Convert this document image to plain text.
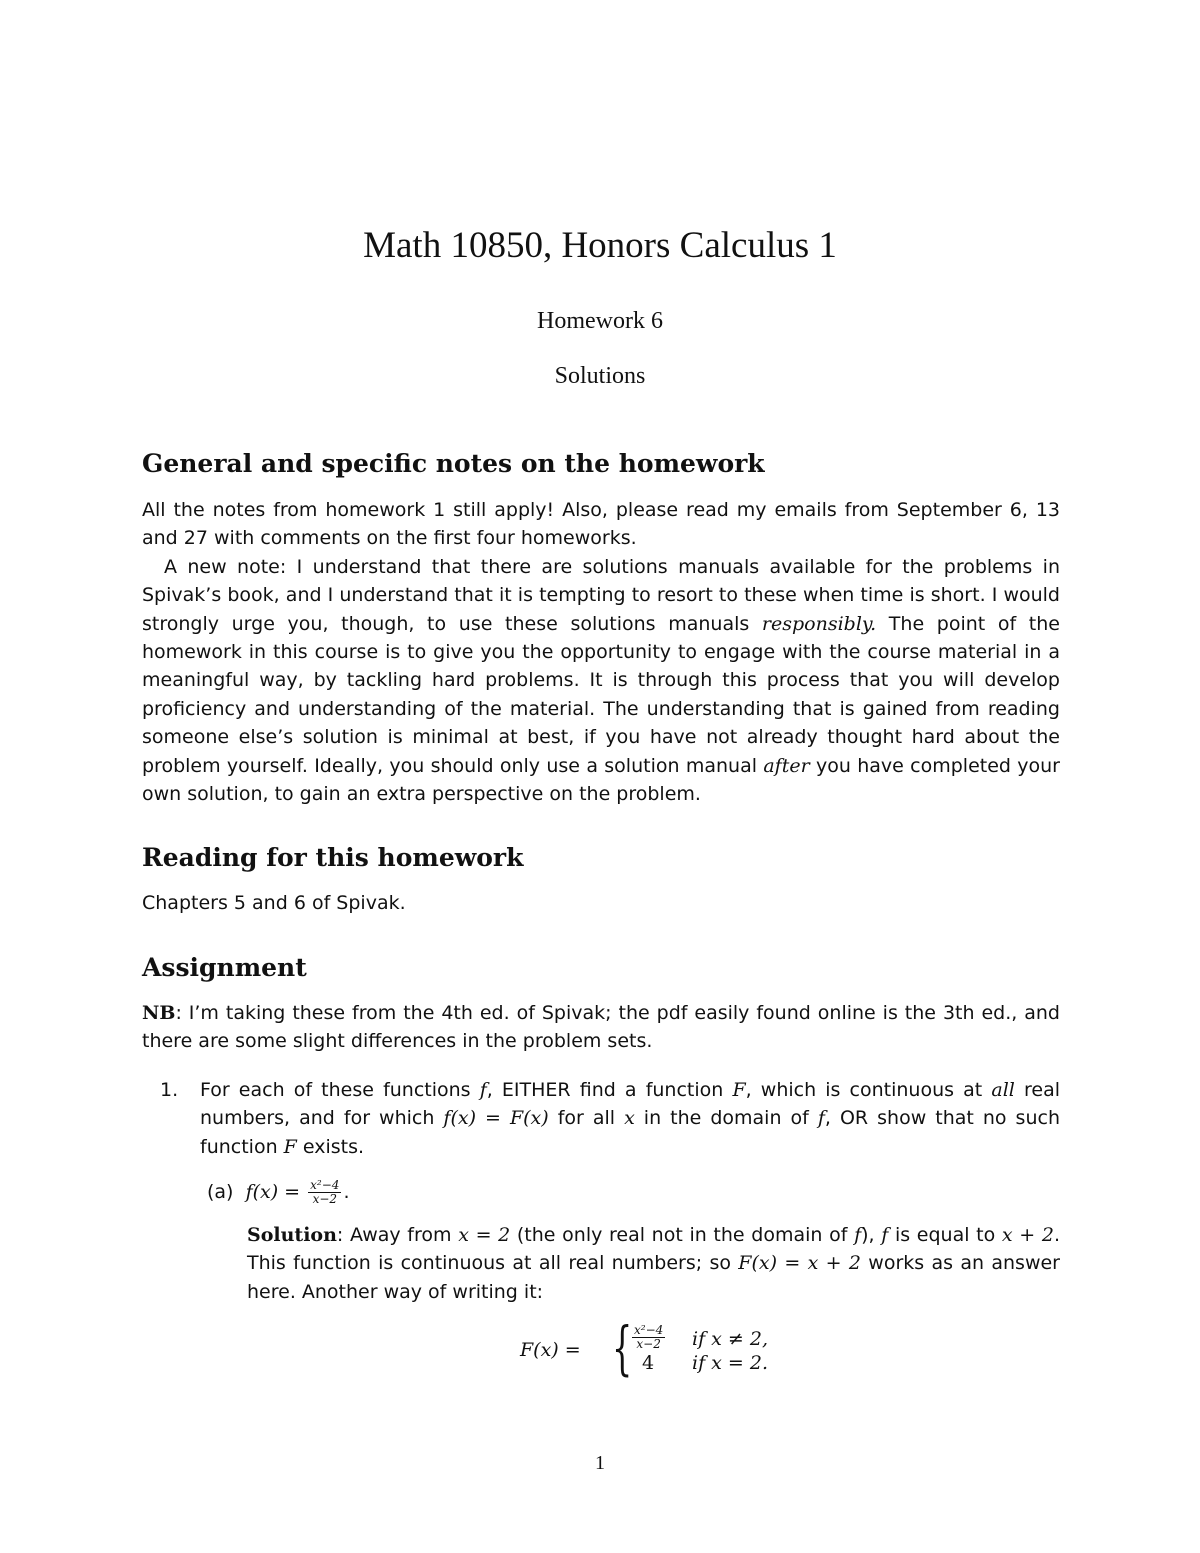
Math 10850, Honors Calculus 1
Homework 6
Solutions
General and specific notes on the homework

All the notes from homework 1 still apply! Also, please read my emails from September 6, 13 and 27 with comments on the first four homeworks.

A new note: I understand that there are solutions manuals available for the problems in Spivak’s book, and I understand that it is tempting to resort to these when time is short. I would strongly urge you, though, to use these solutions manuals responsibly. The point of the homework in this course is to give you the opportunity to engage with the course material in a meaningful way, by tackling hard problems. It is through this process that you will develop proficiency and understanding of the material. The understanding that is gained from reading someone else’s solution is minimal at best, if you have not already thought hard about the problem yourself. Ideally, you should only use a solution manual after you have completed your own solution, to gain an extra perspective on the problem.

Reading for this homework
Chapters 5 and 6 of Spivak.
Assignment
NB: I’m taking these from the 4th ed. of Spivak; the pdf easily found online is the 3th ed., and there are some slight differences in the problem sets.
1. For each of these functions f, EITHER find a function F, which is continuous at all real numbers, and for which f(x) = F(x) for all x in the domain of f, OR show that no such function F exists.
(a) $f(x) = \frac{\text{x²−4}}{x-2}$ .
Solution: Away from x = 2 (the only real not in the domain of f), f is equal to x + 2. This function is continuous at all real numbers; so F(x) = x + 2 works as an answer here. Another way of writing it:
F(x) = { $\frac{\text{x²−4}}{x-2}$
4
if x ≠ 2,
if x = 2.
1
